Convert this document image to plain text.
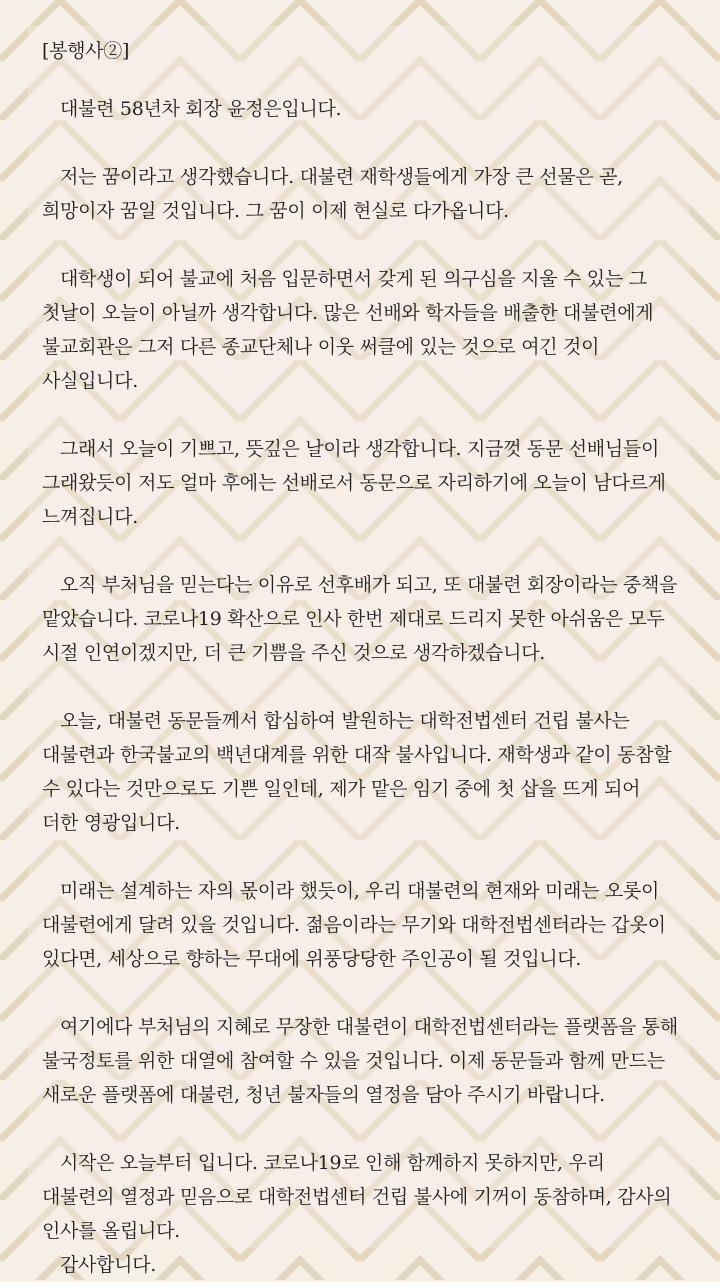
[봉행사②]

대불련 58년차 회장 윤정은입니다.

저는 꿈이라고 생각했습니다. 대불련 재학생들에게 가장 큰 선물은 곧, 희망이자 꿈일 것입니다. 그 꿈이 이제 현실로 다가옵니다.

대학생이 되어 불교에 처음 입문하면서 갖게 된 의구심을 지울 수 있는 그 첫날이 오늘이 아닐까 생각합니다. 많은 선배와 학자들을 배출한 대불련에게 불교회관은 그저 다른 종교단체나 이웃 써클에 있는 것으로 여긴 것이 사실입니다.

그래서 오늘이 기쁘고, 뜻깊은 날이라 생각합니다. 지금껏 동문 선배님들이 그래왔듯이 저도 얼마 후에는 선배로서 동문으로 자리하기에 오늘이 남다르게 느껴집니다.

오직 부처님을 믿는다는 이유로 선후배가 되고, 또 대불련 회장이라는 중책을 맡았습니다. 코로나19 확산으로 인사 한번 제대로 드리지 못한 아쉬움은 모두 시절 인연이겠지만, 더 큰 기쁨을 주신 것으로 생각하겠습니다.

오늘, 대불련 동문들께서 합심하여 발원하는 대학전법센터 건립 불사는 대불련과 한국불교의 백년대계를 위한 대작 불사입니다. 재학생과 같이 동참할 수 있다는 것만으로도 기쁜 일인데, 제가 맡은 임기 중에 첫 삽을 뜨게 되어 더한 영광입니다.

미래는 설계하는 자의 몫이라 했듯이, 우리 대불련의 현재와 미래는 오롯이 대불련에게 달려 있을 것입니다. 젊음이라는 무기와 대학전법센터라는 갑옷이 있다면, 세상으로 향하는 무대에 위풍당당한 주인공이 될 것입니다.

여기에다 부처님의 지혜로 무장한 대불련이 대학전법센터라는 플랫폼을 통해 불국정토를 위한 대열에 참여할 수 있을 것입니다. 이제 동문들과 함께 만드는 새로운 플랫폼에 대불련, 청년 불자들의 열정을 담아 주시기 바랍니다.

시작은 오늘부터 입니다. 코로나19로 인해 함께하지 못하지만, 우리 대불련의 열정과 믿음으로 대학전법센터 건립 불사에 기꺼이 동참하며, 감사의 인사를 올립니다.

감사합니다.
